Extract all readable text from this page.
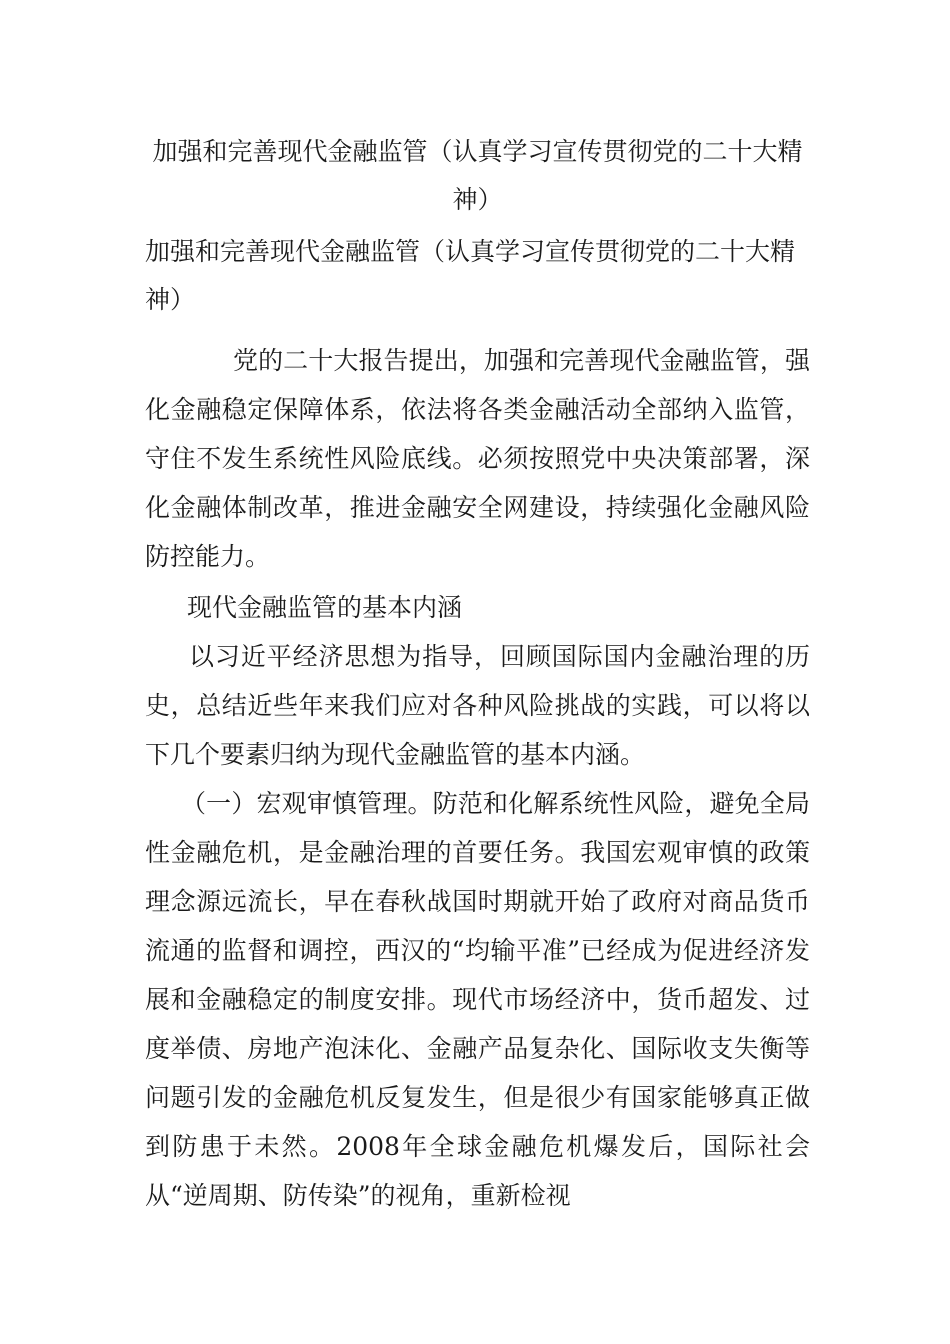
加强和完善现代金融监管（认真学习宣传贯彻党的二十大精神）
加强和完善现代金融监管（认真学习宣传贯彻党的二十大精神）

党的二十大报告提出，加强和完善现代金融监管，强化金融稳定保障体系，依法将各类金融活动全部纳入监管，守住不发生系统性风险底线。必须按照党中央决策部署，深化金融体制改革，推进金融安全网建设，持续强化金融风险防控能力。

现代金融监管的基本内涵

以习近平经济思想为指导，回顾国际国内金融治理的历史，总结近些年来我们应对各种风险挑战的实践，可以将以下几个要素归纳为现代金融监管的基本内涵。

（一）宏观审慎管理。防范和化解系统性风险，避免全局性金融危机，是金融治理的首要任务。我国宏观审慎的政策理念源远流长，早在春秋战国时期就开始了政府对商品货币流通的监督和调控，西汉的“均输平准”已经成为促进经济发展和金融稳定的制度安排。现代市场经济中，货币超发、过度举债、房地产泡沫化、金融产品复杂化、国际收支失衡等问题引发的金融危机反复发生，但是很少有国家能够真正做到防患于未然。2008年全球金融危机爆发后，国际社会从“逆周期、防传染”的视角，重新检视
